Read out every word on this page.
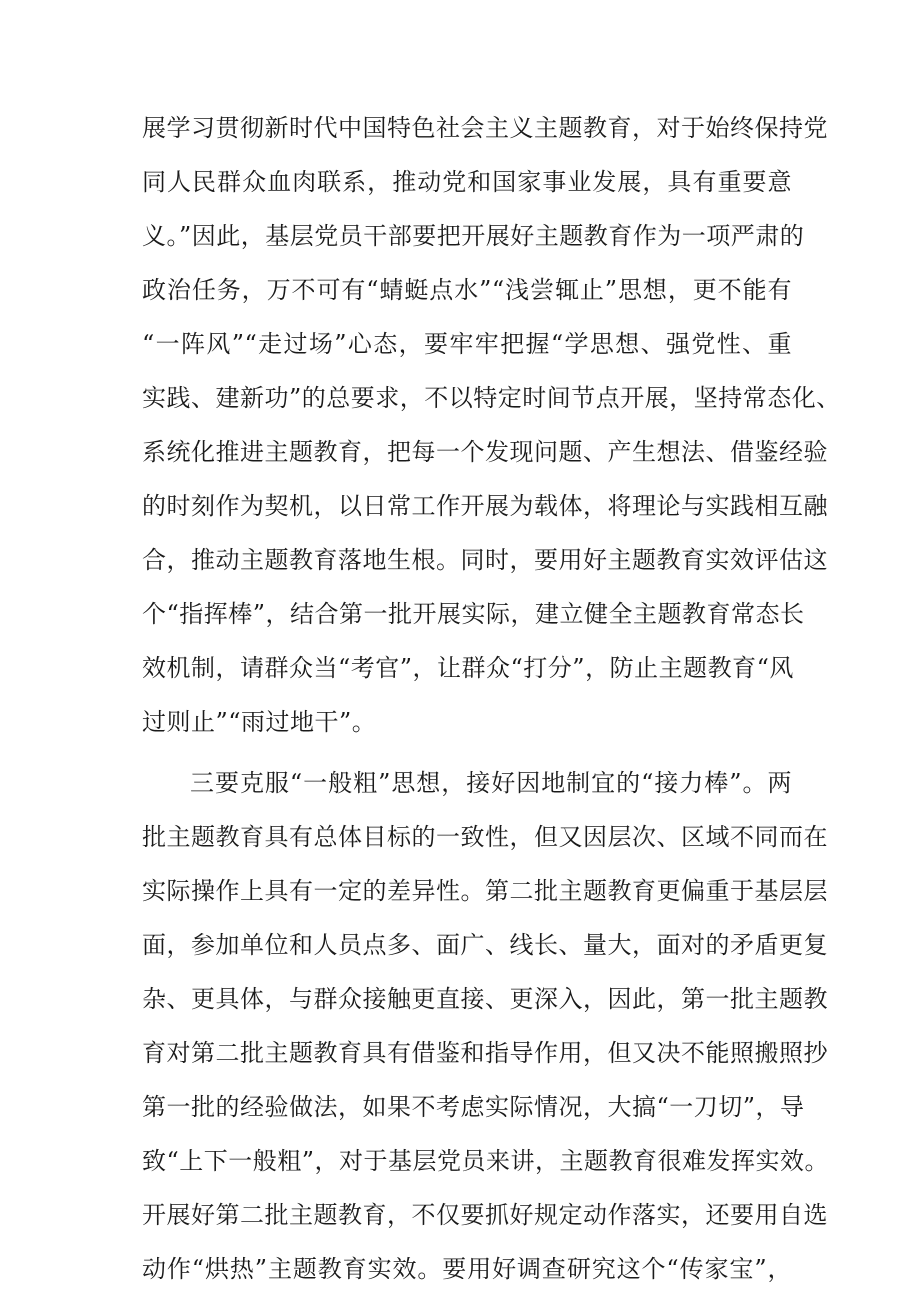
展学习贯彻新时代中国特色社会主义主题教育，对于始终保持党
同人民群众血肉联系，推动党和国家事业发展，具有重要意
义。”因此，基层党员干部要把开展好主题教育作为一项严肃的
政治任务，万不可有“蜻蜓点水”“浅尝辄止”思想，更不能有
“一阵风”“走过场”心态，要牢牢把握“学思想、强党性、重
实践、建新功”的总要求，不以特定时间节点开展，坚持常态化、
系统化推进主题教育，把每一个发现问题、产生想法、借鉴经验
的时刻作为契机，以日常工作开展为载体，将理论与实践相互融
合，推动主题教育落地生根。同时，要用好主题教育实效评估这
个“指挥棒”，结合第一批开展实际，建立健全主题教育常态长
效机制，请群众当“考官”，让群众“打分”，防止主题教育“风
过则止”“雨过地干”。
三要克服“一般粗”思想，接好因地制宜的“接力棒”。两
批主题教育具有总体目标的一致性，但又因层次、区域不同而在
实际操作上具有一定的差异性。第二批主题教育更偏重于基层层
面，参加单位和人员点多、面广、线长、量大，面对的矛盾更复
杂、更具体，与群众接触更直接、更深入，因此，第一批主题教
育对第二批主题教育具有借鉴和指导作用，但又决不能照搬照抄
第一批的经验做法，如果不考虑实际情况，大搞“一刀切”，导
致“上下一般粗”，对于基层党员来讲，主题教育很难发挥实效。
开展好第二批主题教育，不仅要抓好规定动作落实，还要用自选
动作“烘热”主题教育实效。要用好调查研究这个“传家宝”，
